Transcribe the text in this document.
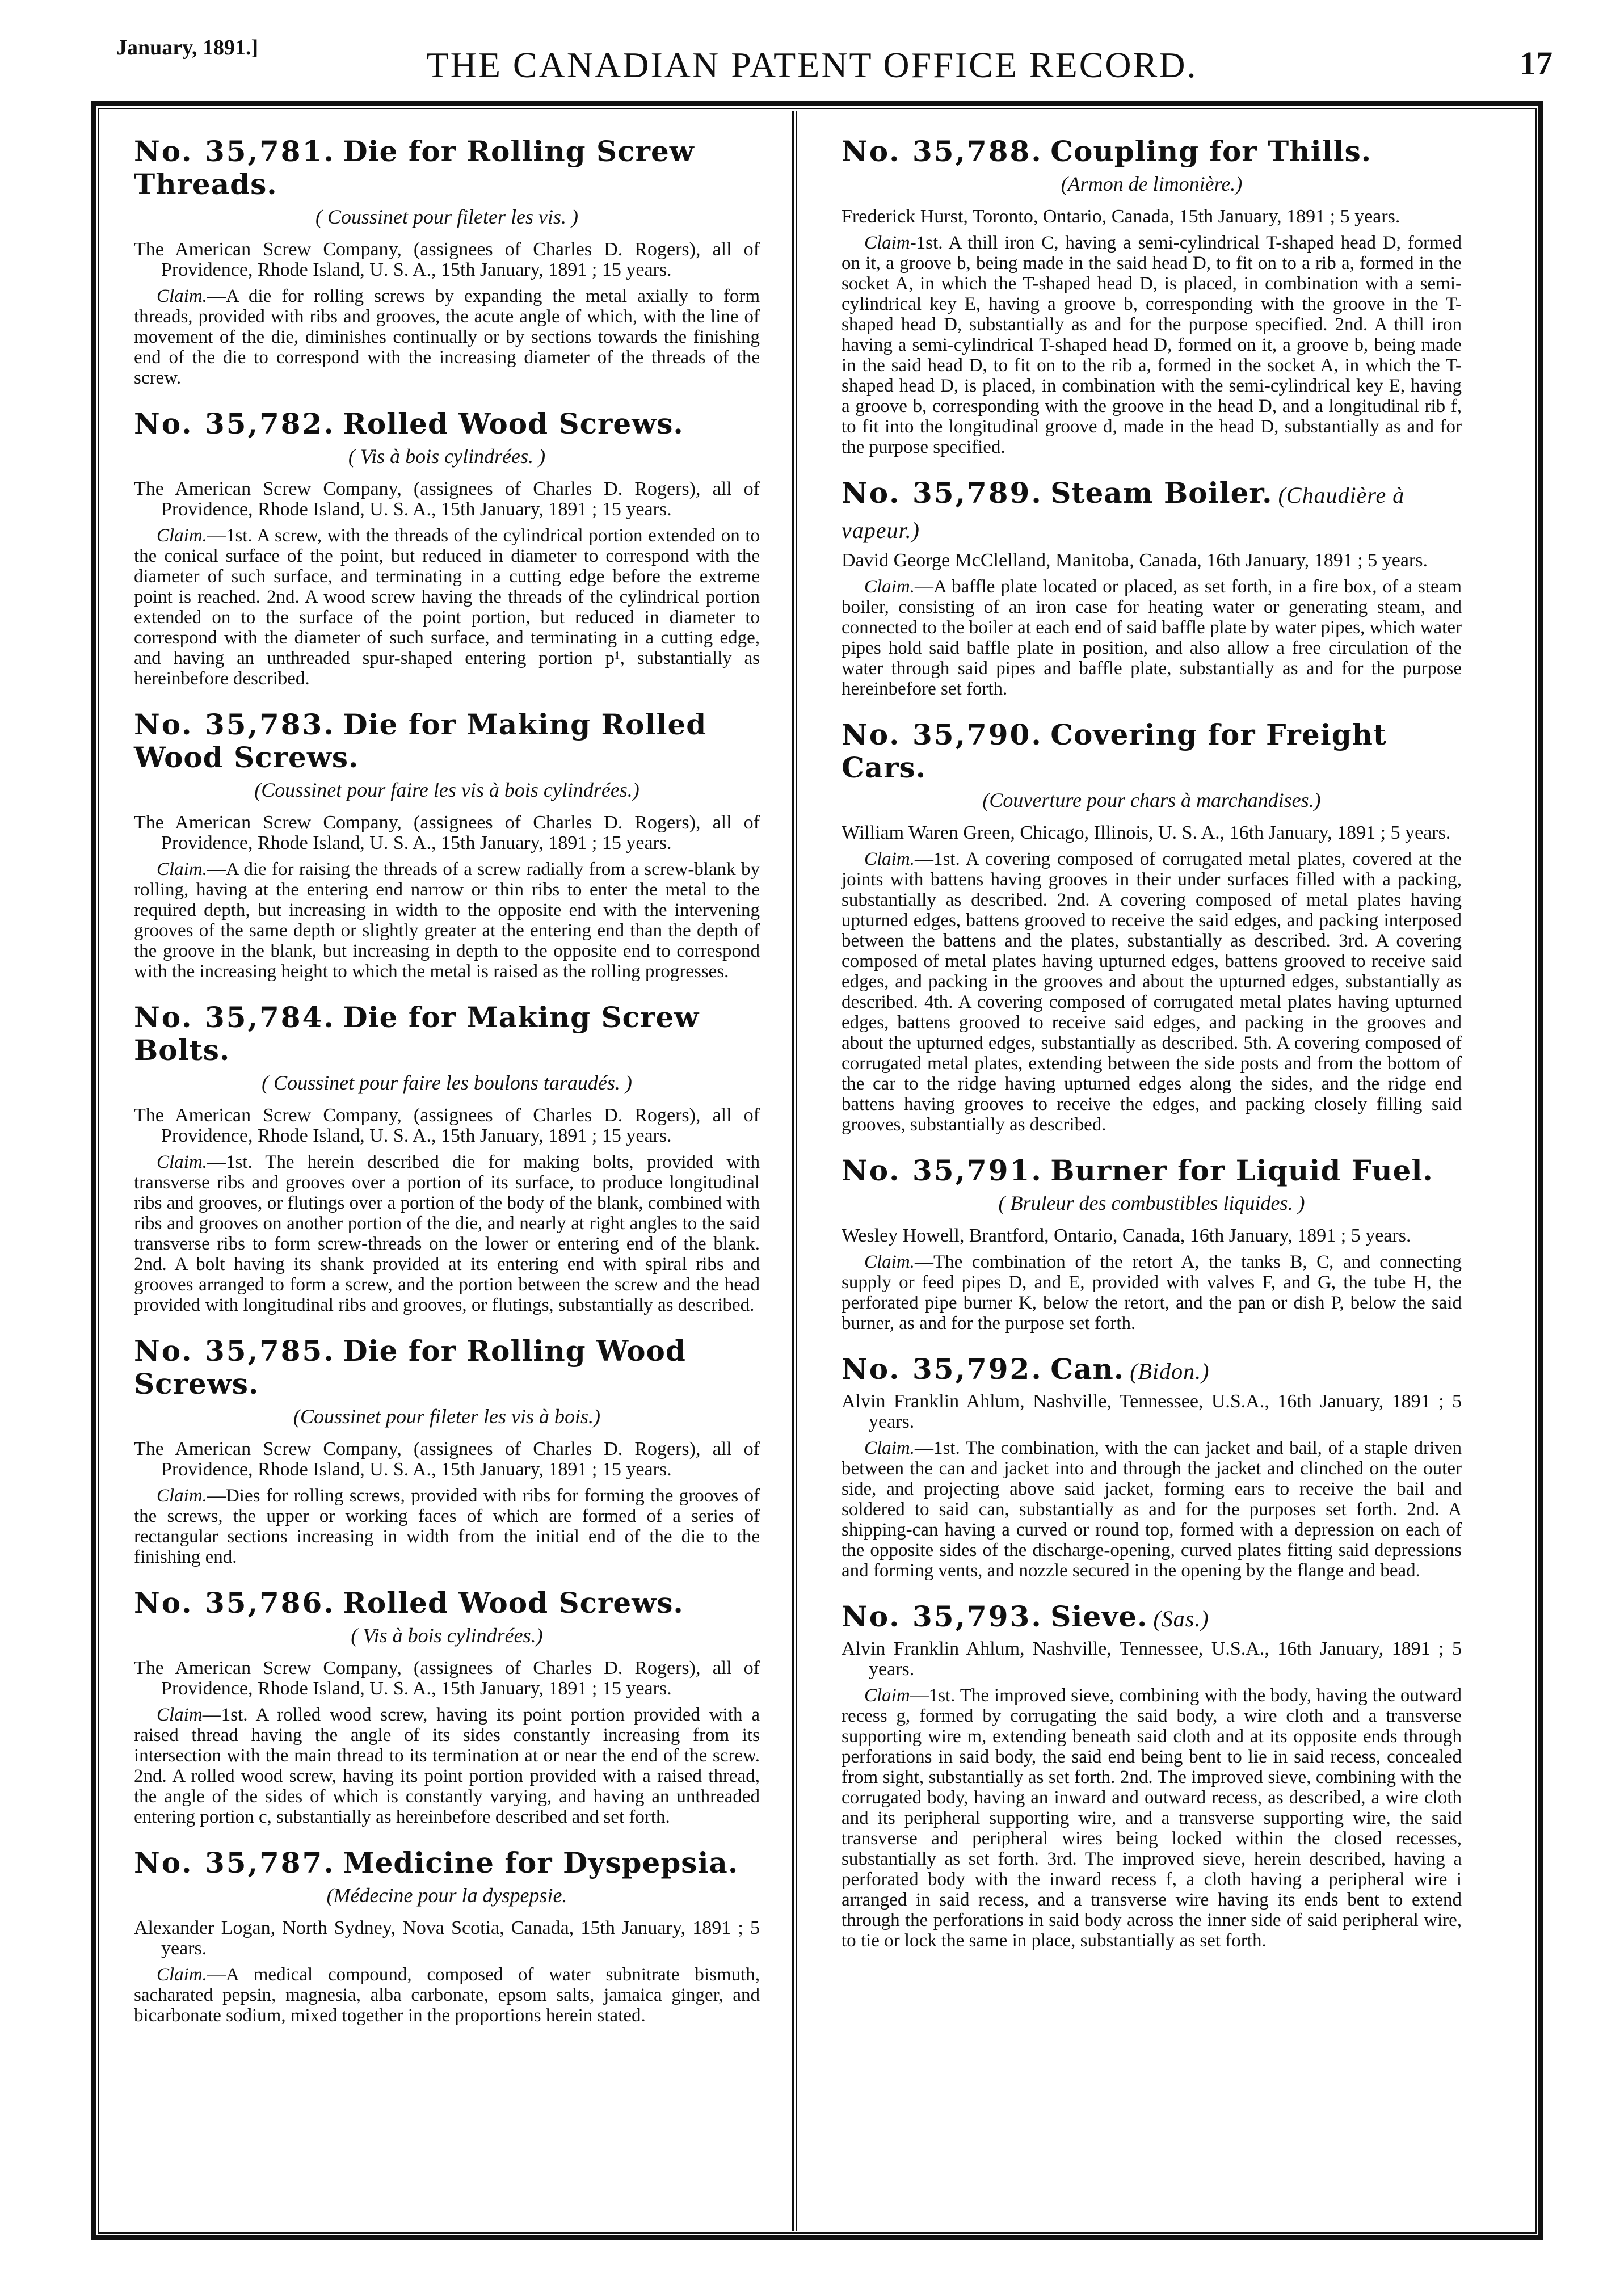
January, 1891.]	THE CANADIAN PATENT OFFICE RECORD.	17
No. 35,781. Die for Rolling Screw Threads.

( Coussinet pour fileter les vis. )

The American Screw Company, (assignees of Charles D. Rogers), all of Providence, Rhode Island, U. S. A., 15th January, 1891 ; 15 years.

Claim.—A die for rolling screws by expanding the metal axially to form threads, provided with ribs and grooves, the acute angle of which, with the line of movement of the die, diminishes continually or by sections towards the finishing end of the die to correspond with the increasing diameter of the threads of the screw.

No. 35,782. Rolled Wood Screws.

( Vis à bois cylindrées. )

The American Screw Company, (assignees of Charles D. Rogers), all of Providence, Rhode Island, U. S. A., 15th January, 1891 ; 15 years.

Claim.—1st. A screw, with the threads of the cylindrical portion extended on to the conical surface of the point, but reduced in diameter to correspond with the diameter of such surface, and terminating in a cutting edge before the extreme point is reached. 2nd. A wood screw having the threads of the cylindrical portion extended on to the surface of the point portion, but reduced in diameter to correspond with the diameter of such surface, and terminating in a cutting edge, and having an unthreaded spur-shaped entering portion p¹, substantially as hereinbefore described.

No. 35,783. Die for Making Rolled Wood Screws.

(Coussinet pour faire les vis à bois cylindrées.)

The American Screw Company, (assignees of Charles D. Rogers), all of Providence, Rhode Island, U. S. A., 15th January, 1891 ; 15 years.

Claim.—A die for raising the threads of a screw radially from a screw-blank by rolling, having at the entering end narrow or thin ribs to enter the metal to the required depth, but increasing in width to the opposite end with the intervening grooves of the same depth or slightly greater at the entering end than the depth of the groove in the blank, but increasing in depth to the opposite end to correspond with the increasing height to which the metal is raised as the rolling progresses.

No. 35,784. Die for Making Screw Bolts.

( Coussinet pour faire les boulons taraudés. )

The American Screw Company, (assignees of Charles D. Rogers), all of Providence, Rhode Island, U. S. A., 15th January, 1891 ; 15 years.

Claim.—1st. The herein described die for making bolts, provided with transverse ribs and grooves over a portion of its surface, to produce longitudinal ribs and grooves, or flutings over a portion of the body of the blank, combined with ribs and grooves on another portion of the die, and nearly at right angles to the said transverse ribs to form screw-threads on the lower or entering end of the blank. 2nd. A bolt having its shank provided at its entering end with spiral ribs and grooves arranged to form a screw, and the portion between the screw and the head provided with longitudinal ribs and grooves, or flutings, substantially as described.

No. 35,785. Die for Rolling Wood Screws.

(Coussinet pour fileter les vis à bois.)

The American Screw Company, (assignees of Charles D. Rogers), all of Providence, Rhode Island, U. S. A., 15th January, 1891 ; 15 years.

Claim.—Dies for rolling screws, provided with ribs for forming the grooves of the screws, the upper or working faces of which are formed of a series of rectangular sections increasing in width from the initial end of the die to the finishing end.

No. 35,786. Rolled Wood Screws.

( Vis à bois cylindrées.)

The American Screw Company, (assignees of Charles D. Rogers), all of Providence, Rhode Island, U. S. A., 15th January, 1891 ; 15 years.

Claim—1st. A rolled wood screw, having its point portion provided with a raised thread having the angle of its sides constantly increasing from its intersection with the main thread to its termination at or near the end of the screw. 2nd. A rolled wood screw, having its point portion provided with a raised thread, the angle of the sides of which is constantly varying, and having an unthreaded entering portion c, substantially as hereinbefore described and set forth.

No. 35,787. Medicine for Dyspepsia.

(Médecine pour la dyspepsie.

Alexander Logan, North Sydney, Nova Scotia, Canada, 15th January, 1891 ; 5 years.

Claim.—A medical compound, composed of water subnitrate bismuth, sacharated pepsin, magnesia, alba carbonate, epsom salts, jamaica ginger, and bicarbonate sodium, mixed together in the proportions herein stated.

No. 35,788. Coupling for Thills.

(Armon de limonière.)

Frederick Hurst, Toronto, Ontario, Canada, 15th January, 1891 ; 5 years.

Claim-1st. A thill iron C, having a semi-cylindrical T-shaped head D, formed on it, a groove b, being made in the said head D, to fit on to a rib a, formed in the socket A, in which the T-shaped head D, is placed, in combination with a semi-cylindrical key E, having a groove b, corresponding with the groove in the T-shaped head D, substantially as and for the purpose specified. 2nd. A thill iron having a semi-cylindrical T-shaped head D, formed on it, a groove b, being made in the said head D, to fit on to the rib a, formed in the socket A, in which the T-shaped head D, is placed, in combination with the semi-cylindrical key E, having a groove b, corresponding with the groove in the head D, and a longitudinal rib f, to fit into the longitudinal groove d, made in the head D, substantially as and for the purpose specified.

No. 35,789. Steam Boiler. (Chaudière à vapeur.)

David George McClelland, Manitoba, Canada, 16th January, 1891 ; 5 years.

Claim.—A baffle plate located or placed, as set forth, in a fire box, of a steam boiler, consisting of an iron case for heating water or generating steam, and connected to the boiler at each end of said baffle plate by water pipes, which water pipes hold said baffle plate in position, and also allow a free circulation of the water through said pipes and baffle plate, substantially as and for the purpose hereinbefore set forth.

No. 35,790. Covering for Freight Cars.

(Couverture pour chars à marchandises.)

William Waren Green, Chicago, Illinois, U. S. A., 16th January, 1891 ; 5 years.

Claim.—1st. A covering composed of corrugated metal plates, covered at the joints with battens having grooves in their under surfaces filled with a packing, substantially as described. 2nd. A covering composed of metal plates having upturned edges, battens grooved to receive the said edges, and packing interposed between the battens and the plates, substantially as described. 3rd. A covering composed of metal plates having upturned edges, battens grooved to receive said edges, and packing in the grooves and about the upturned edges, substantially as described. 4th. A covering composed of corrugated metal plates having upturned edges, battens grooved to receive said edges, and packing in the grooves and about the upturned edges, substantially as described. 5th. A covering composed of corrugated metal plates, extending between the side posts and from the bottom of the car to the ridge having upturned edges along the sides, and the ridge end battens having grooves to receive the edges, and packing closely filling said grooves, substantially as described.

No. 35,791. Burner for Liquid Fuel.

( Bruleur des combustibles liquides. )

Wesley Howell, Brantford, Ontario, Canada, 16th January, 1891 ; 5 years.

Claim.—The combination of the retort A, the tanks B, C, and connecting supply or feed pipes D, and E, provided with valves F, and G, the tube H, the perforated pipe burner K, below the retort, and the pan or dish P, below the said burner, as and for the purpose set forth.

No. 35,792. Can. (Bidon.)

Alvin Franklin Ahlum, Nashville, Tennessee, U.S.A., 16th January, 1891 ; 5 years.

Claim.—1st. The combination, with the can jacket and bail, of a staple driven between the can and jacket into and through the jacket and clinched on the outer side, and projecting above said jacket, forming ears to receive the bail and soldered to said can, substantially as and for the purposes set forth. 2nd. A shipping-can having a curved or round top, formed with a depression on each of the opposite sides of the discharge-opening, curved plates fitting said depressions and forming vents, and nozzle secured in the opening by the flange and bead.

No. 35,793. Sieve. (Sas.)

Alvin Franklin Ahlum, Nashville, Tennessee, U.S.A., 16th January, 1891 ; 5 years.

Claim—1st. The improved sieve, combining with the body, having the outward recess g, formed by corrugating the said body, a wire cloth and a transverse supporting wire m, extending beneath said cloth and at its opposite ends through perforations in said body, the said end being bent to lie in said recess, concealed from sight, substantially as set forth. 2nd. The improved sieve, combining with the corrugated body, having an inward and outward recess, as described, a wire cloth and its peripheral supporting wire, and a transverse supporting wire, the said transverse and peripheral wires being locked within the closed recesses, substantially as set forth. 3rd. The improved sieve, herein described, having a perforated body with the inward recess f, a cloth having a peripheral wire i arranged in said recess, and a transverse wire having its ends bent to extend through the perforations in said body across the inner side of said peripheral wire, to tie or lock the same in place, substantially as set forth.
